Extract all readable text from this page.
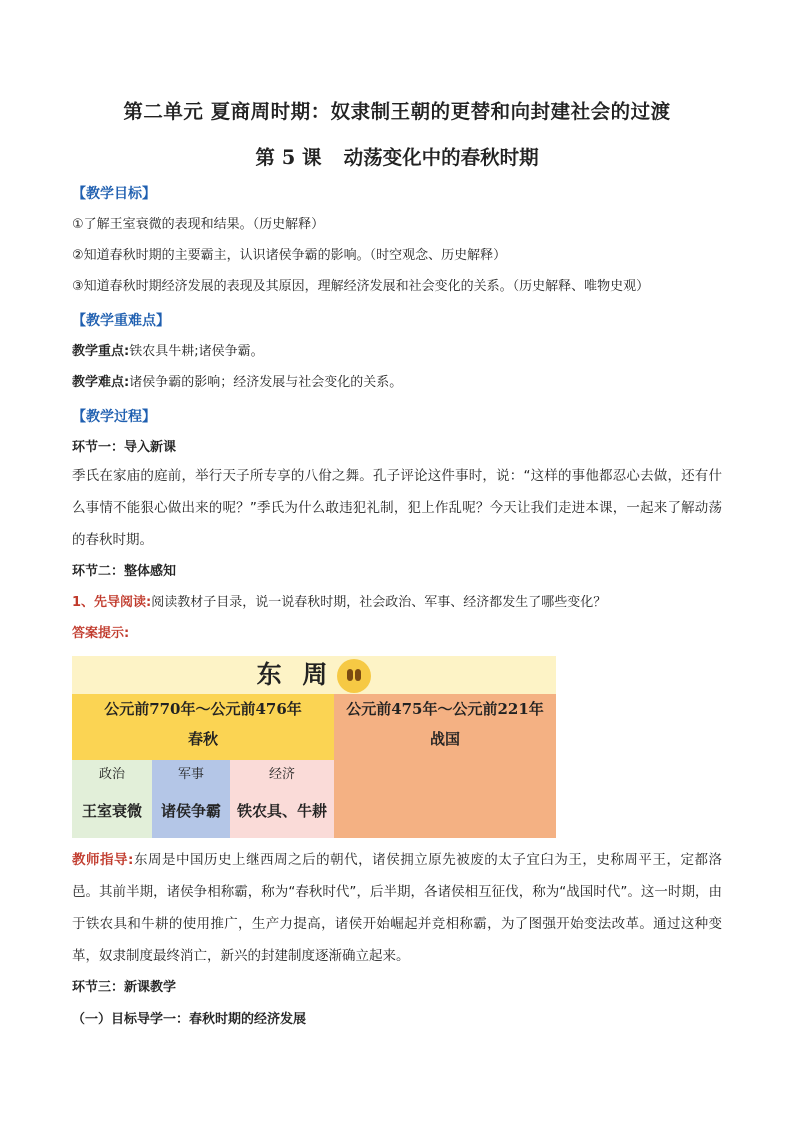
第二单元 夏商周时期：奴隶制王朝的更替和向封建社会的过渡
第 5 课 动荡变化中的春秋时期
【教学目标】
①了解王室衰微的表现和结果。（历史解释）
②知道春秋时期的主要霸主，认识诸侯争霸的影响。（时空观念、历史解释）
③知道春秋时期经济发展的表现及其原因，理解经济发展和社会变化的关系。（历史解释、唯物史观）
【教学重难点】
教学重点:铁农具牛耕;诸侯争霸。
教学难点:诸侯争霸的影响；经济发展与社会变化的关系。
【教学过程】
环节一：导入新课
季氏在家庙的庭前，举行天子所专享的八佾之舞。孔子评论这件事时，说：“这样的事他都忍心去做，还有什么事情不能狠心做出来的呢？”季氏为什么敢违犯礼制，犯上作乱呢？今天让我们走进本课，一起来了解动荡的春秋时期。
环节二：整体感知
1、先导阅读:阅读教材子目录，说一说春秋时期，社会政治、军事、经济都发生了哪些变化？
答案提示:
东 周
公元前770年～公元前476年
春秋
公元前475年～公元前221年
战国
政治
王室衰微
军事
诸侯争霸
经济
铁农具、牛耕
教师指导:东周是中国历史上继西周之后的朝代，诸侯拥立原先被废的太子宜臼为王，史称周平王，定都洛邑。其前半期，诸侯争相称霸，称为“春秋时代”，后半期，各诸侯相互征伐，称为“战国时代”。这一时期，由于铁农具和牛耕的使用推广，生产力提高，诸侯开始崛起并竞相称霸，为了图强开始变法改革。通过这种变革，奴隶制度最终消亡，新兴的封建制度逐渐确立起来。
环节三：新课教学
（一）目标导学一：春秋时期的经济发展
